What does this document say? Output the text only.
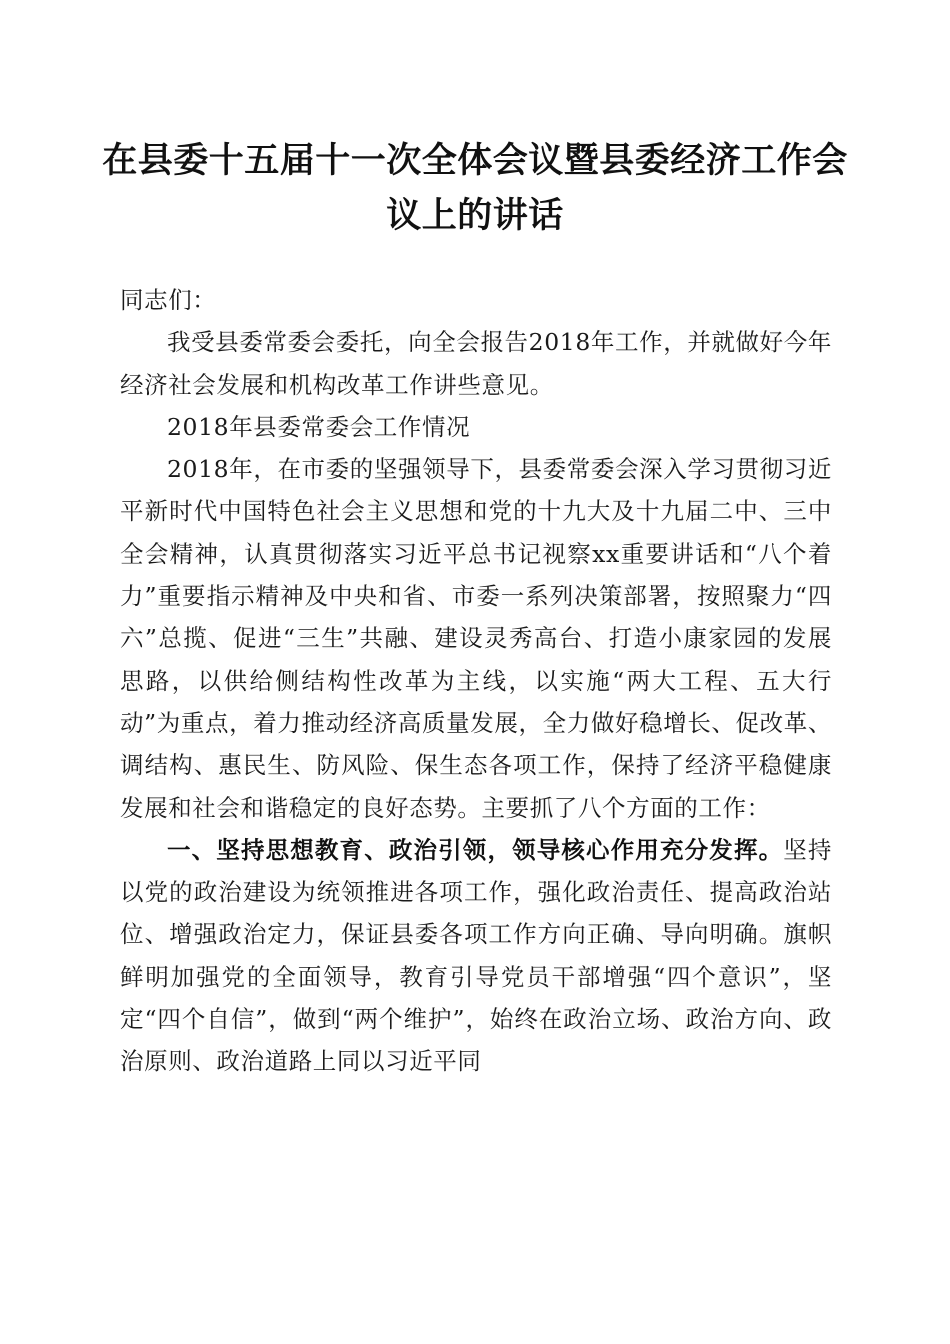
在县委十五届十一次全体会议暨县委经济工作会议上的讲话

同志们：

我受县委常委会委托，向全会报告2018年工作，并就做好今年经济社会发展和机构改革工作讲些意见。

2018年县委常委会工作情况

2018年，在市委的坚强领导下，县委常委会深入学习贯彻习近平新时代中国特色社会主义思想和党的十九大及十九届二中、三中全会精神，认真贯彻落实习近平总书记视察xx重要讲话和“八个着力”重要指示精神及中央和省、市委一系列决策部署，按照聚力“四六”总揽、促进“三生”共融、建设灵秀高台、打造小康家园的发展思路，以供给侧结构性改革为主线，以实施“两大工程、五大行动”为重点，着力推动经济高质量发展，全力做好稳增长、促改革、调结构、惠民生、防风险、保生态各项工作，保持了经济平稳健康发展和社会和谐稳定的良好态势。主要抓了八个方面的工作：

一、坚持思想教育、政治引领，领导核心作用充分发挥。坚持以党的政治建设为统领推进各项工作，强化政治责任、提高政治站位、增强政治定力，保证县委各项工作方向正确、导向明确。旗帜鲜明加强党的全面领导，教育引导党员干部增强“四个意识”，坚定“四个自信”，做到“两个维护”，始终在政治立场、政治方向、政治原则、政治道路上同以习近平同
